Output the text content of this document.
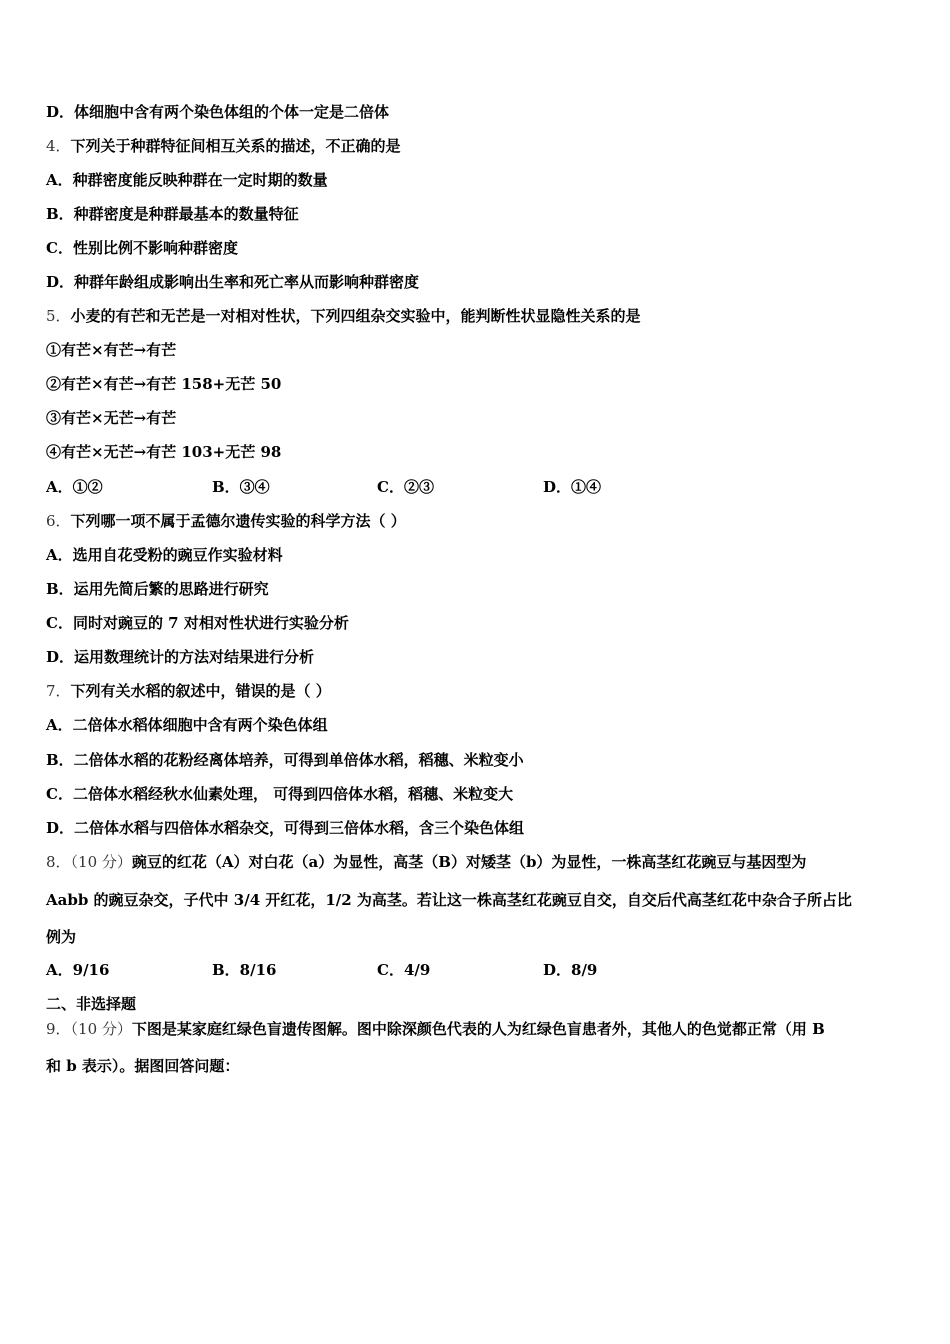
D．体细胞中含有两个染色体组的个体一定是二倍体
4．下列关于种群特征间相互关系的描述，不正确的是
A．种群密度能反映种群在一定时期的数量
B．种群密度是种群最基本的数量特征
C．性别比例不影响种群密度
D．种群年龄组成影响出生率和死亡率从而影响种群密度
5．小麦的有芒和无芒是一对相对性状，下列四组杂交实验中，能判断性状显隐性关系的是
①有芒×有芒→有芒
②有芒×有芒→有芒 158+无芒 50
③有芒×无芒→有芒
④有芒×无芒→有芒 103+无芒 98
A．①②	B．③④	C．②③	D．①④
6．下列哪一项不属于孟德尔遗传实验的科学方法（ ）
A．选用自花受粉的豌豆作实验材料
B．运用先简后繁的思路进行研究
C．同时对豌豆的 7 对相对性状进行实验分析
D．运用数理统计的方法对结果进行分析
7．下列有关水稻的叙述中，错误的是（ ）
A．二倍体水稻体细胞中含有两个染色体组
B．二倍体水稻的花粉经离体培养，可得到单倍体水稻，稻穗、米粒变小
C．二倍体水稻经秋水仙素处理， 可得到四倍体水稻，稻穗、米粒变大
D．二倍体水稻与四倍体水稻杂交，可得到三倍体水稻，含三个染色体组
8．（10 分）豌豆的红花（A）对白花（a）为显性，高茎（B）对矮茎（b）为显性，一株高茎红花豌豆与基因型为
Aabb 的豌豆杂交，子代中 3/4 开红花，1/2 为高茎。若让这一株高茎红花豌豆自交，自交后代高茎红花中杂合子所占比
例为
A．9/16	B．8/16	C．4/9	D．8/9
二、非选择题
9．（10 分）下图是某家庭红绿色盲遗传图解。图中除深颜色代表的人为红绿色盲患者外，其他人的色觉都正常（用 B
和 b 表示）。据图回答问题：
